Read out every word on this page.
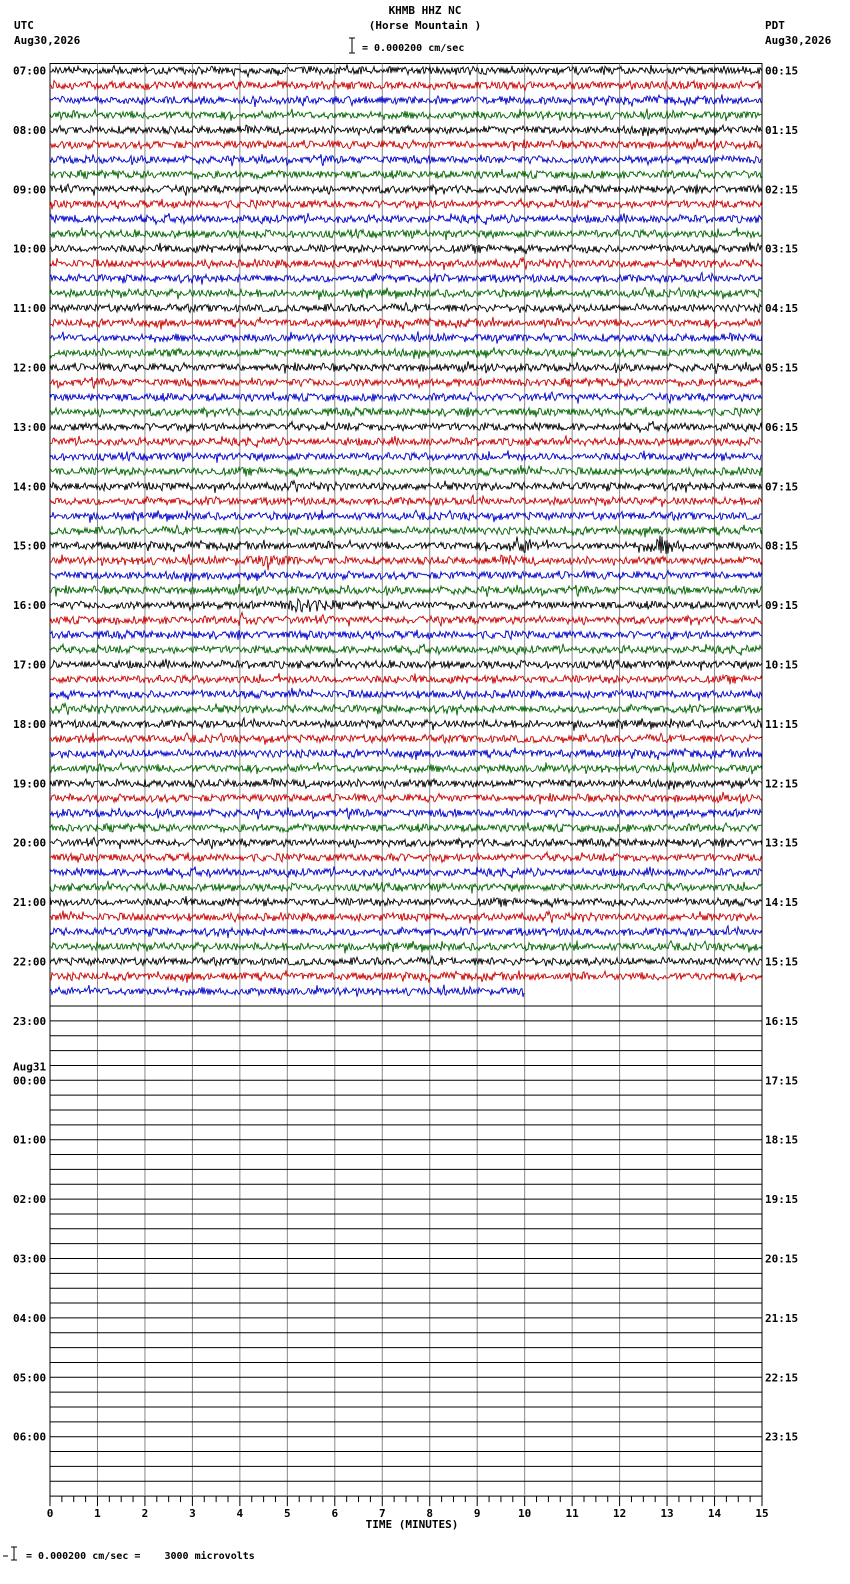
KHMB HHZ NC
(Horse Mountain )
= 0.000200 cm/sec
UTC
Aug30,2026
PDT
Aug30,2026
= 0.000200 cm/sec =    3000 microvolts
07:00
08:00
09:00
10:00
11:00
12:00
13:00
14:00
15:00
16:00
17:00
18:00
19:00
20:00
21:00
22:00
23:00
00:00
Aug31
01:00
02:00
03:00
04:00
05:00
06:00
00:15
01:15
02:15
03:15
04:15
05:15
06:15
07:15
08:15
09:15
10:15
11:15
12:15
13:15
14:15
15:15
16:15
17:15
18:15
19:15
20:15
21:15
22:15
23:15
0	1	2	3	4	5	6	7	8	9	10	11	12	13	14	15
TIME (MINUTES)
